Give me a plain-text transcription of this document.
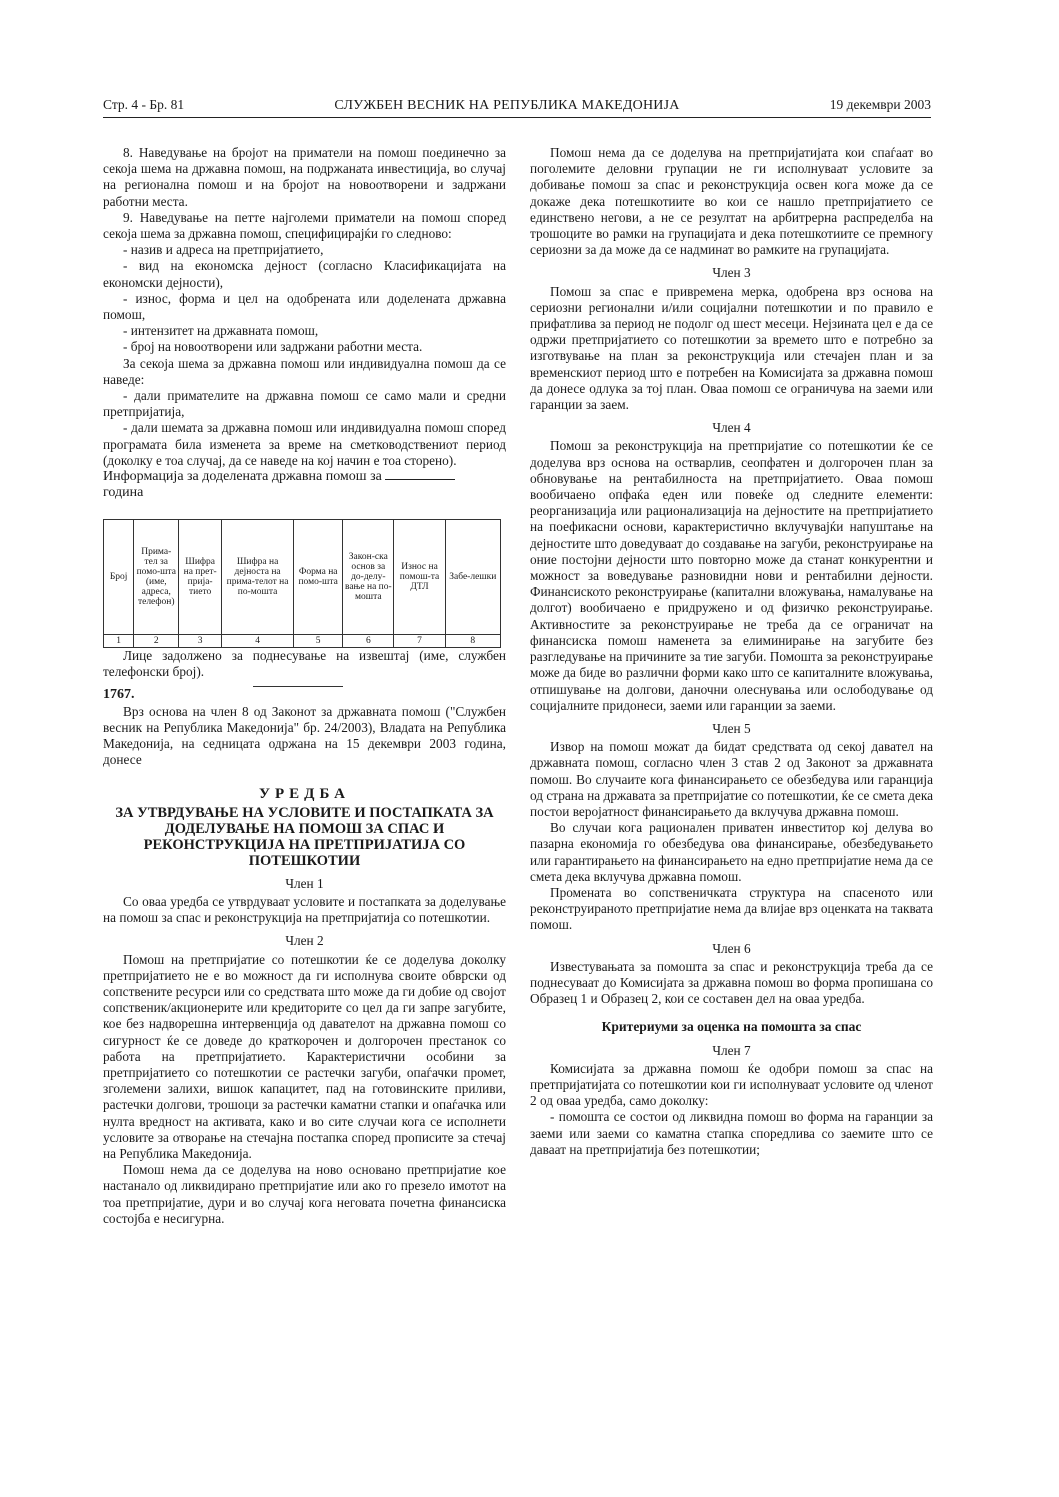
Стр. 4 - Бр. 81	СЛУЖБЕН ВЕСНИК НА РЕПУБЛИКА МАКЕДОНИЈА	19 декември 2003

8. Наведување на бројот на приматели на помош поединечно за секоја шема на државна помош, на подржаната инвестиција, во случај на регионална помош и на бројот на новоотворени и задржани работни места.

9. Наведување на петте најголеми приматели на помош според секоја шема за државна помош, специфицирајќи го следново:

- назив и адреса на претпријатието,

- вид на економска дејност (согласно Класификацијата на економски дејности),

- износ, форма и цел на одобрената или доделената државна помош,

- интензитет на државната помош,

- број на новоотворени или задржани работни места.

За секоја шема за државна помош или индивидуална помош да се наведе:

- дали примателите на државна помош се само мали и средни претпријатија,

- дали шемата за државна помош или индивидуална помош според програмата била изменета за време на сметководствениот период (доколку е тоа случај, да се наведе на кој начин е тоа сторено).

Информација за доделената државна помош за
година

Број	Прима-тел за помо-шта (име, адреса, телефон)	Шифра на прет-прија-тието	Шифра на дејноста на прима-телот на по-мошта	Форма на помо-шта	Закон-ска основ за до-делу-вање на по-мошта	Износ на помош-та ДТЛ	Забе-лешки
1	2	3	4	5	6	7	8

Лице задолжено за поднесување на извештај (име, службен телефонски број).

1767.

Врз основа на член 8 од Законот за државната помош ("Службен весник на Република Македонија" бр. 24/2003), Владата на Република Македонија, на седницата одржана на 15 декември 2003 година, донесе

УРЕДБА
ЗА УТВРДУВАЊЕ НА УСЛОВИТЕ И ПОСТАПКАТА ЗА ДОДЕЛУВАЊЕ НА ПОМОШ ЗА СПАС И РЕКОНСТРУКЦИЈА НА ПРЕТПРИЈАТИЈА СО ПОТЕШКОТИИ
Член 1

Со оваа уредба се утврдуваат условите и постапката за доделување на помош за спас и реконструкција на претпријатија со потешкотии.

Член 2

Помош на претпријатие со потешкотии ќе се доделува доколку претпријатието не е во можност да ги исполнува своите обврски од сопствените ресурси или со средствата што може да ги добие од својот сопственик/акционерите или кредиторите со цел да ги запре загубите, кое без надворешна интервенција од давателот на државна помош со сигурност ќе се доведе до краткорочен и долгорочен престанок со работа на претпријатието. Карактеристични особини за претпријатието со потешкотии се растечки загуби, опаѓачки промет, зголемени залихи, вишок капацитет, пад на готовинските приливи, растечки долгови, трошоци за растечки каматни стапки и опаѓачка или нулта вредност на активата, како и во сите случаи кога се исполнети условите за отворање на стечајна постапка според прописите за стечај на Република Македонија.

Помош нема да се доделува на ново основано претпријатие кое настанало од ликвидирано претпријатие или ако го презело имотот на тоа претпријатие, дури и во случај кога неговата почетна финансиска состојба е несигурна.

Помош нема да се доделува на претпријатијата кои спаѓаат во поголемите деловни групации не ги исполнуваат условите за добивање помош за спас и реконструкција освен кога може да се докаже дека потешкотиите во кои се нашло претпријатието се единствено негови, а не се резултат на арбитрерна распределба на трошоците во рамки на групацијата и дека потешкотиите се премногу сериозни за да може да се надминат во рамките на групацијата.

Член 3

Помош за спас е привремена мерка, одобрена врз основа на сериозни регионални и/или социјални потешкотии и по правило е прифатлива за период не подолг од шест месеци. Нејзината цел е да се одржи претпријатието со потешкотии за времето што е потребно за изготвување на план за реконструкција или стечајен план и за временскиот период што е потребен на Комисијата за државна помош да донесе одлука за тој план. Оваа помош се ограничува на заеми или гаранции за заем.

Член 4

Помош за реконструкција на претпријатие со потешкотии ќе се доделува врз основа на остварлив, сеопфатен и долгорочен план за обновување на рентабилноста на претпријатието. Оваа помош вообичаено опфаќа еден или повеќе од следните елементи: реорганизација или рационализација на дејностите на претпријатието на поефикасни основи, карактеристично вклучувајќи напуштање на дејностите што доведуваат до создавање на загуби, реконструирање на оние постојни дејности што повторно може да станат конкурентни и можност за воведување разновидни нови и рентабилни дејности. Финансиското реконструирање (капитални вложувања, намалување на долгот) вообичаено е придружено и од физичко реконструирање. Активностите за реконструирање не треба да се ограничат на финансиска помош наменета за елиминирање на загубите без разгледување на причините за тие загуби. Помошта за реконструирање може да биде во различни форми како што се капиталните вложувања, отпишување на долгови, даночни олеснувања или ослободување од социјалните придонеси, заеми или гаранции за заеми.

Член 5

Извор на помош можат да бидат средствата од секој давател на државната помош, согласно член 3 став 2 од Законот за државната помош. Во случаите кога финансирањето се обезбедува или гаранција од страна на државата за претпријатие со потешкотии, ќе се смета дека постои веројатност финансирањето да вклучува државна помош.

Во случаи кога рационален приватен инвеститор кој делува во пазарна економија го обезбедува ова финансирање, обезбедувањето или гарантирањето на финансирањето на едно претпријатие нема да се смета дека вклучува државна помош.

Промената во сопственичката структура на спасеното или реконструираното претпријатие нема да влијае врз оценката на таквата помош.

Член 6

Известувањата за помошта за спас и реконструкција треба да се поднесуваат до Комисијата за државна помош во форма пропишана со Образец 1 и Образец 2, кои се составен дел на оваа уредба.

Критериуми за оценка на помошта за спас
Член 7

Комисијата за државна помош ќе одобри помош за спас на претпријатијата со потешкотии кои ги исполнуваат условите од членот 2 од оваа уредба, само доколку:

- помошта се состои од ликвидна помош во форма на гаранции за заеми или заеми со каматна стапка споредлива со заемите што се даваат на претпријатија без потешкотии;
